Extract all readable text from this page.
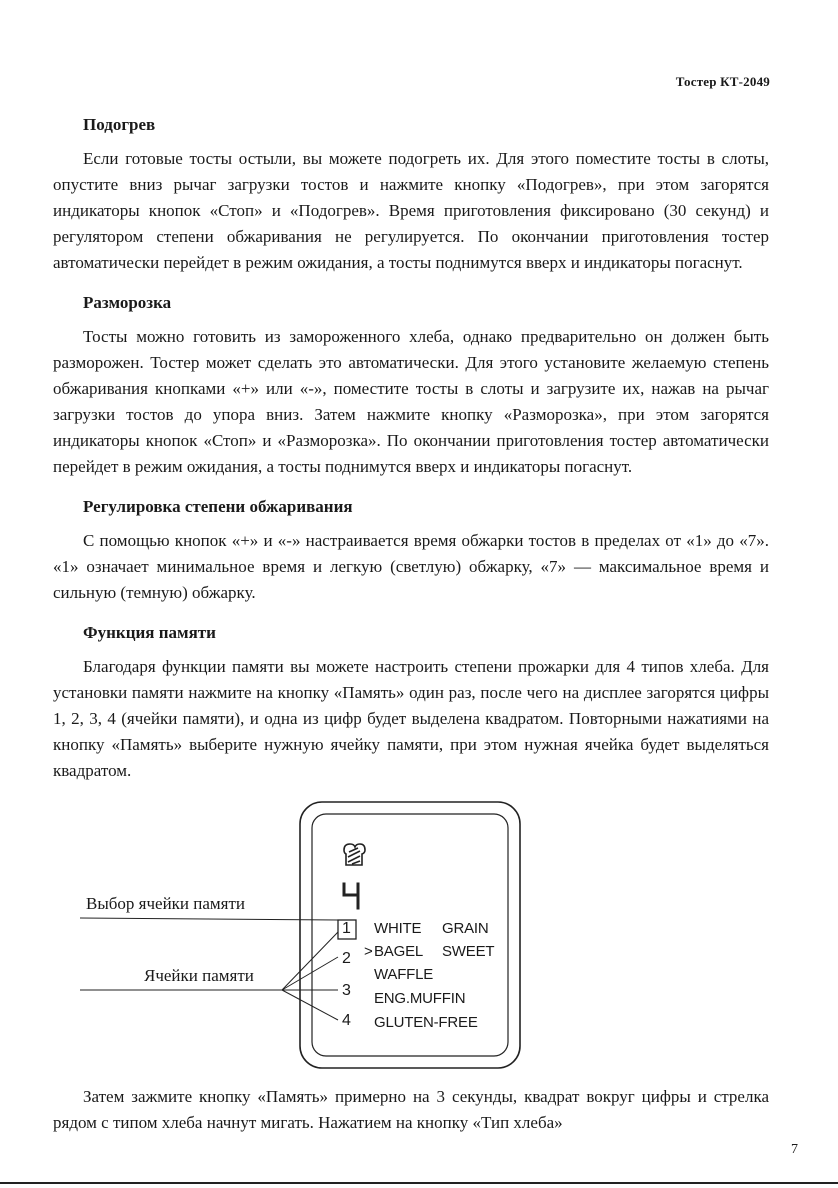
Тостер КТ-2049
Подогрев

Если готовые тосты остыли, вы можете подогреть их. Для этого поместите тосты в слоты, опустите вниз рычаг загрузки тостов и нажмите кнопку «Подогрев», при этом загорятся индикаторы кнопок «Стоп» и «Подогрев». Время приготовления фиксировано (30 секунд) и регулятором степени обжаривания не регулируется. По окончании приготовления тостер автоматически перейдет в режим ожидания, а тосты поднимутся вверх и индикаторы погаснут.

Разморозка

Тосты можно готовить из замороженного хлеба, однако предварительно он должен быть разморожен. Тостер может сделать это автоматически. Для этого установите желаемую степень обжаривания кнопками «+» или «-», поместите тосты в слоты и загрузите их, нажав на рычаг загрузки тостов до упора вниз. Затем нажмите кнопку «Разморозка», при этом загорятся индикаторы кнопок «Стоп» и «Разморозка». По окончании приготовления тостер автоматически перейдет в режим ожидания, а тосты поднимутся вверх и индикаторы погаснут.

Регулировка степени обжаривания

С помощью кнопок «+» и «-» настраивается время обжарки тостов в пределах от «1» до «7». «1» означает минимальное время и легкую (светлую) обжарку, «7» — максимальное время и сильную (темную) обжарку.

Функция памяти

Благодаря функции памяти вы можете настроить степени прожарки для 4 типов хлеба. Для установки памяти нажмите на кнопку «Память» один раз, после чего на дисплее загорятся цифры 1, 2, 3, 4 (ячейки памяти), и одна из цифр будет выделена квадратом. Повторными нажатиями на кнопку «Память» выберите нужную ячейку памяти, при этом нужная ячейка будет выделяться квадратом.

Выбор ячейки памяти
Ячейки памяти
1
2
3
4
WHITE GRAIN
> BAGEL SWEET
WAFFLE
ENG.MUFFIN
GLUTEN-FREE

Затем зажмите кнопку «Память» примерно на 3 секунды, квадрат вокруг цифры и стрелка рядом с типом хлеба начнут мигать. Нажатием на кнопку «Тип хлеба»

7
